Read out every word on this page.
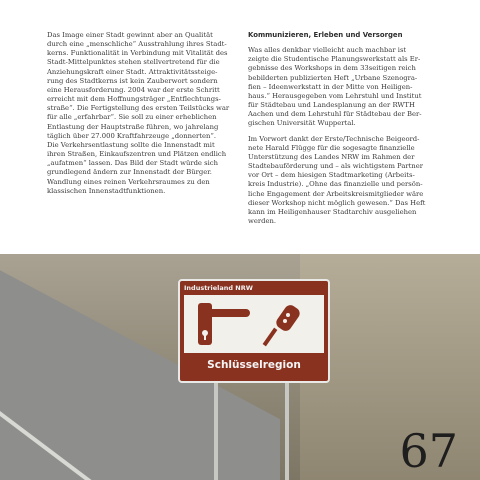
Das Image einer Stadt gewinnt aber an Qualität
durch eine „menschliche“ Ausstrahlung ihres Stadt-
kerns. Funktionalität in Verbindung mit Vitalität des
Stadt-Mittelpunktes stehen stellvertretend für die
Anziehungskraft einer Stadt. Attraktivitätssteige-
rung des Stadtkerns ist kein Zauberwort sondern
eine Herausforderung. 2004 war der erste Schritt
erreicht mit dem Hoffnungsträger „Entflechtungs-
straße“. Die Fertigstellung des ersten Teilstücks war
für alle „erfahrbar“. Sie soll zu einer erheblichen
Entlastung der Hauptstraße führen, wo jahrelang
täglich über 27.000 Kraftfahrzeuge „donnerten“.
Die Verkehrsentlastung sollte die Innenstadt mit
ihren Straßen, Einkaufszentren und Plätzen endlich
„aufatmen“ lassen. Das Bild der Stadt würde sich
grundlegend ändern zur Innenstadt der Bürger.
Wandlung eines reinen Verkehrsraumes zu den
klassischen Innenstadtfunktionen.

Kommunizieren, Erleben und Versorgen

Was alles denkbar vielleicht auch machbar ist
zeigte die Studentische Planungswerkstatt als Er-
gebnisse des Workshops in dem 33seitigen reich
bebilderten publizierten Heft „Urbane Szenogra-
fien – Ideenwerkstatt in der Mitte von Heiligen-
haus.“ Herausgegeben vom Lehrstuhl und Institut
für Städtebau und Landesplanung an der RWTH
Aachen und dem Lehrstuhl für Städtebau der Ber-
gischen Universität Wuppertal.

Im Vorwort dankt der Erste/Technische Beigeord-
nete Harald Flügge für die sogesagte finanzielle
Unterstützung des Landes NRW im Rahmen der
Stadtebauförderung und – als wichtigstem Partner
vor Ort – dem hiesigen Stadtmarketing (Arbeits-
kreis Industrie). „Ohne das finanzielle und persön-
liche Engagement der Arbeitskreismitglieder wäre
dieser Workshop nicht möglich gewesen.“ Das Heft
kann im Heiligenhauser Stadtarchiv ausgeliehen
werden.

Industrieland NRW
Schlüsselregion
67
